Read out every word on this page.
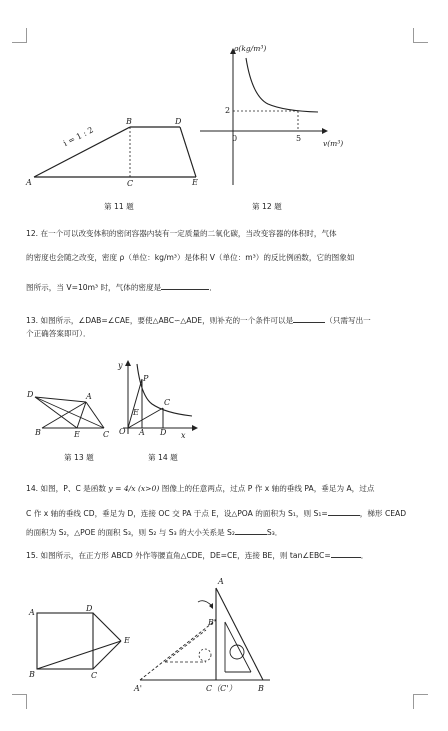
i = 1 : 2
A
B
C
D
E
第 11 题
ρ(kg/m³)
v(m³)
0
2
5
第 12 题
12. 在一个可以改变体积的密闭容器内装有一定质量的二氧化碳，当改变容器的体积时，气体
的密度也会随之改变，密度 ρ（单位：kg/m³）是体积 V（单位：m³）的反比例函数，它的图象如
图所示，当 V=10m³ 时，气体的密度是	．
13. 如图所示，∠DAB=∠CAE，要使△ABC∽△ADE，则补充的一个条件可以是	（只需写出一
个正确答案即可）．
D	A
B	E	C
第 13 题
y
P
C
E
O A D x
第 14 题
14. 如图，P、C 是函数 y = 4/x (x>0) 图像上的任意两点，过点 P 作 x 轴的垂线 PA，垂足为 A，过点
C 作 x 轴的垂线 CD，垂足为 D，连接 OC 交 PA 于点 E，设△POA 的面积为 S₁，则 S₁=	，梯形 CEAD
的面积为 S₂，△POE 的面积 S₃，则 S₂ 与 S₃ 的大小关系是 S₂	S₃．
15. 如图所示，在正方形 ABCD 外作等腰直角△CDE，DE=CE，连接 BE，则 tan∠EBC=	．
A	D
E
B	C
A
B'
A'	C（C'）	B
